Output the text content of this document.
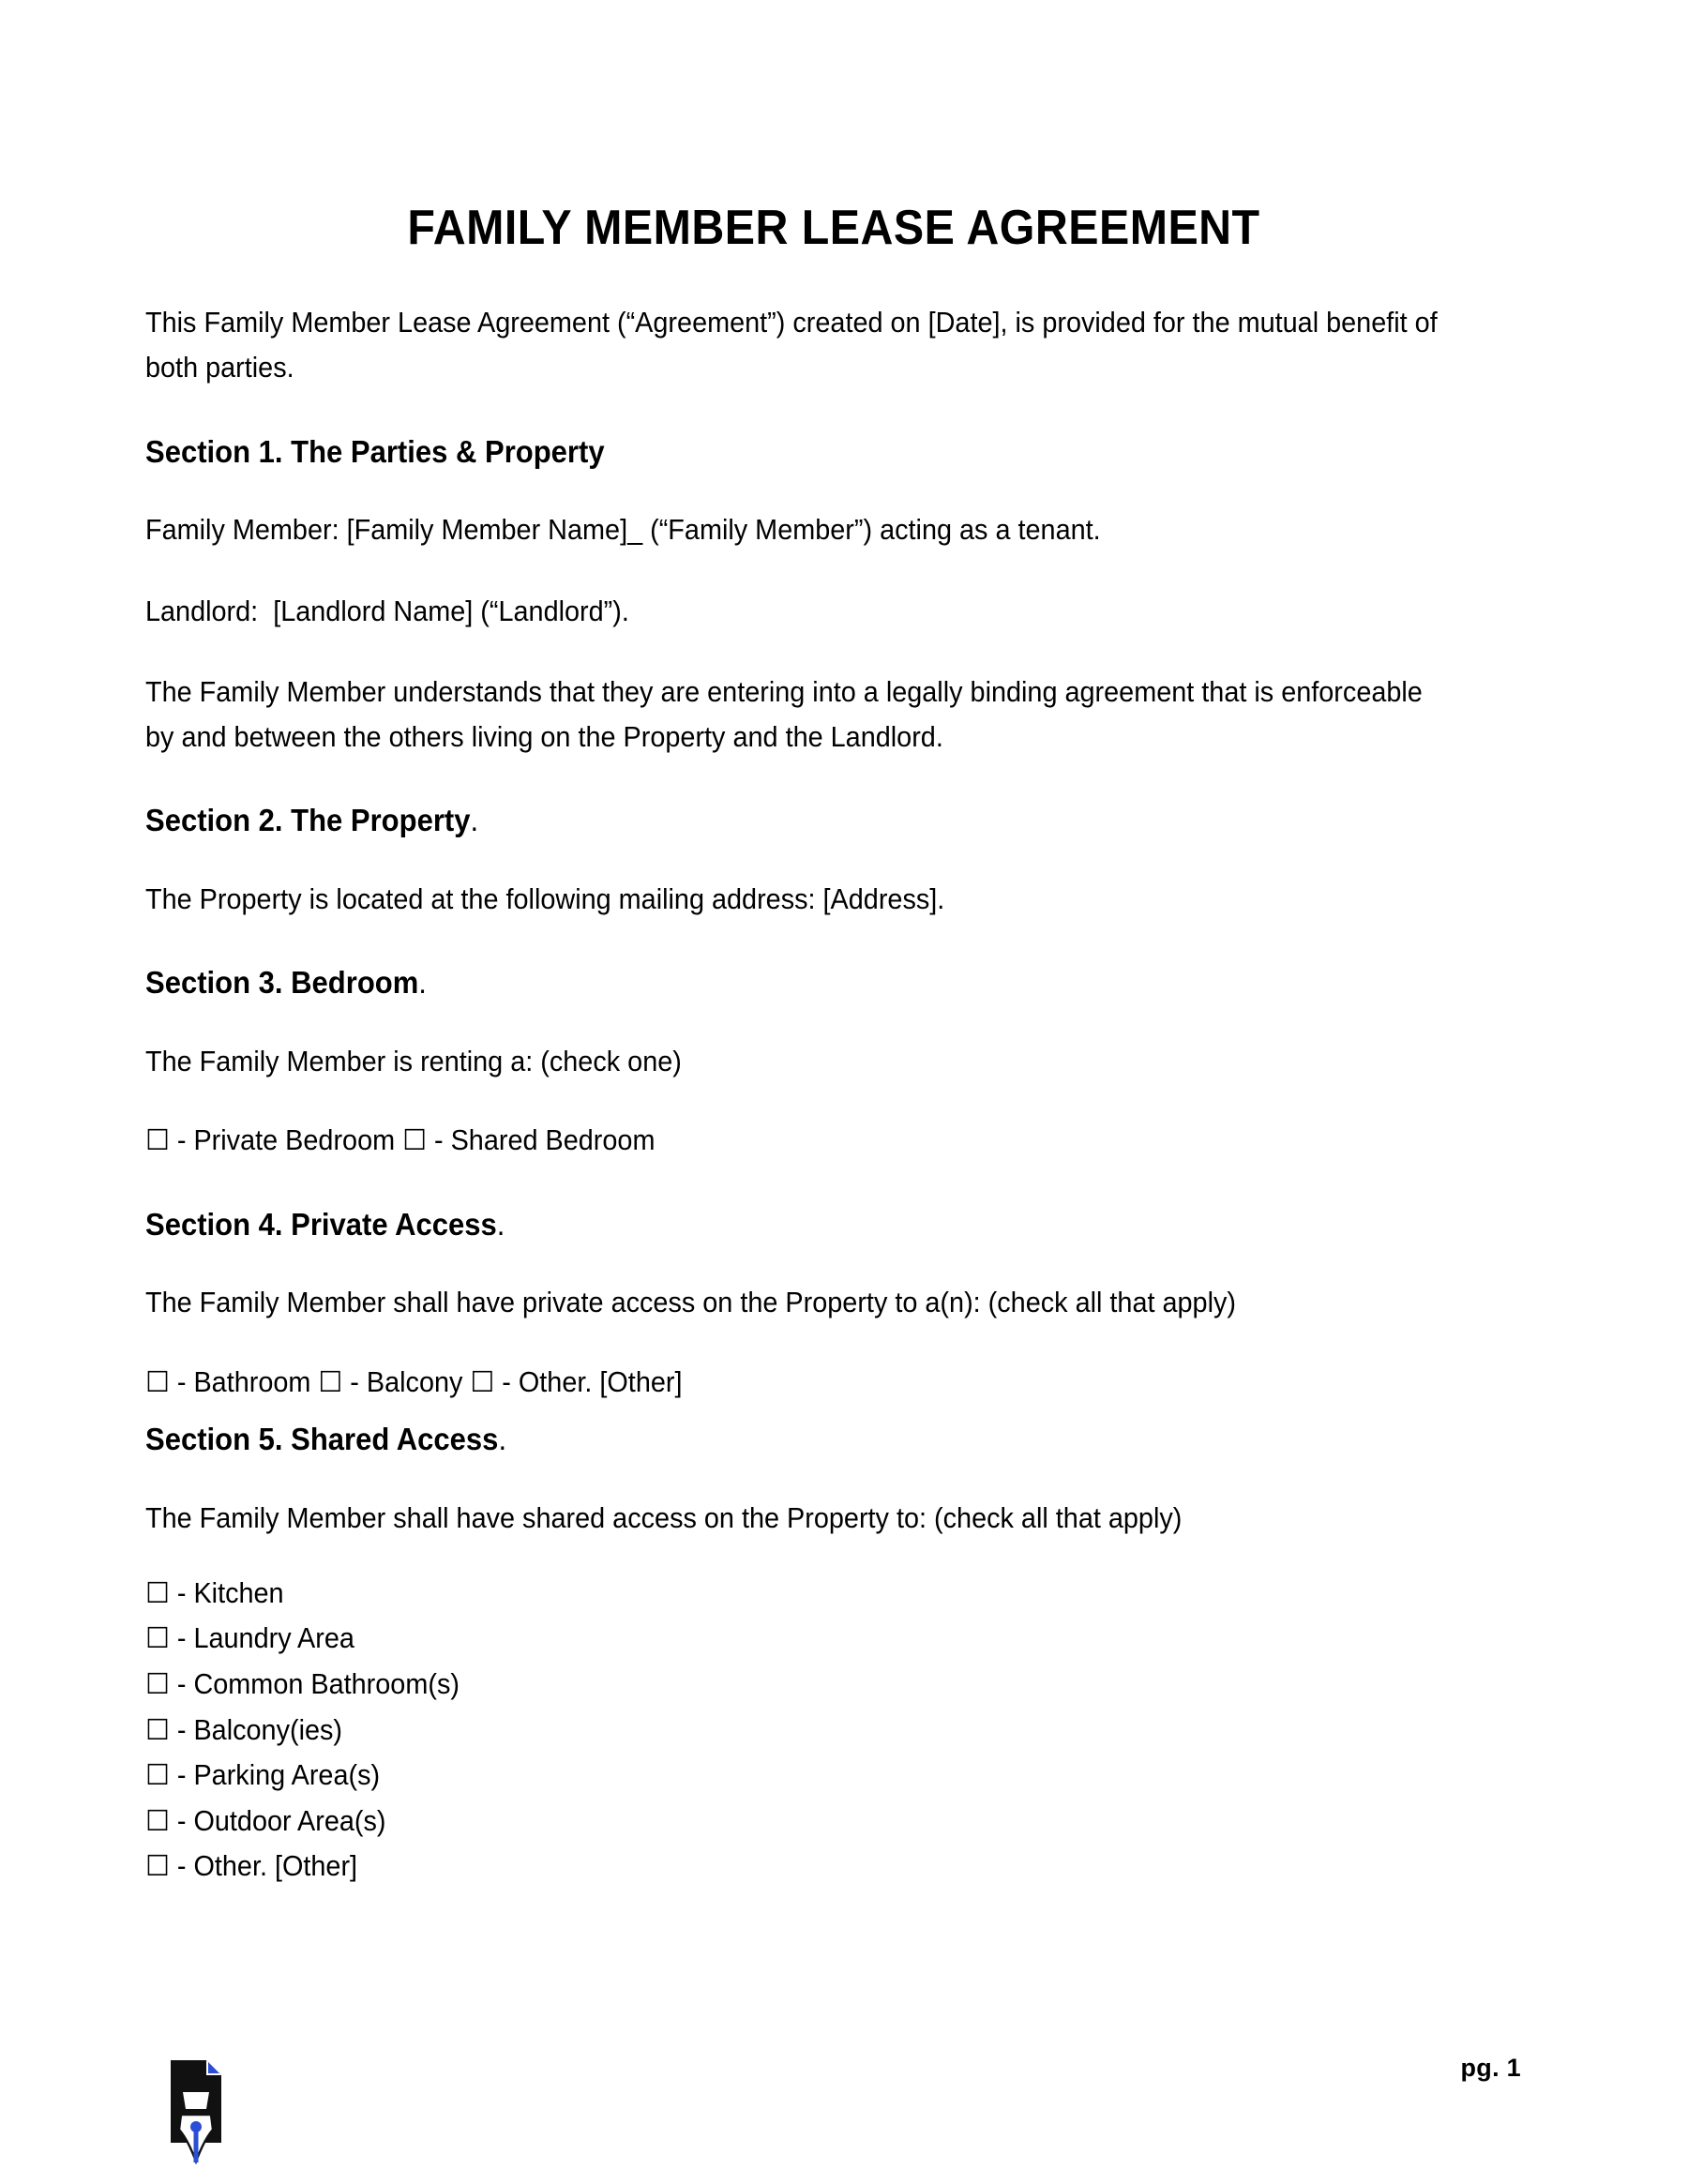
FAMILY MEMBER LEASE AGREEMENT

This Family Member Lease Agreement (“Agreement”) created on [Date], is provided for the mutual benefit of both parties.

Section 1. The Parties & Property

Family Member: [Family Member Name]_ (“Family Member”) acting as a tenant.

Landlord:  [Landlord Name] (“Landlord”).

The Family Member understands that they are entering into a legally binding agreement that is enforceable by and between the others living on the Property and the Landlord.

Section 2. The Property.

The Property is located at the following mailing address: [Address].

Section 3. Bedroom.

The Family Member is renting a: (check one)

☐ - Private Bedroom ☐ - Shared Bedroom

Section 4. Private Access.

The Family Member shall have private access on the Property to a(n): (check all that apply)

☐ - Bathroom ☐ - Balcony ☐ - Other. [Other]

Section 5. Shared Access.

The Family Member shall have shared access on the Property to: (check all that apply)

☐ - Kitchen
☐ - Laundry Area
☐ - Common Bathroom(s)
☐ - Balcony(ies)
☐ - Parking Area(s)
☐ - Outdoor Area(s)
☐ - Other. [Other]
pg. 1
